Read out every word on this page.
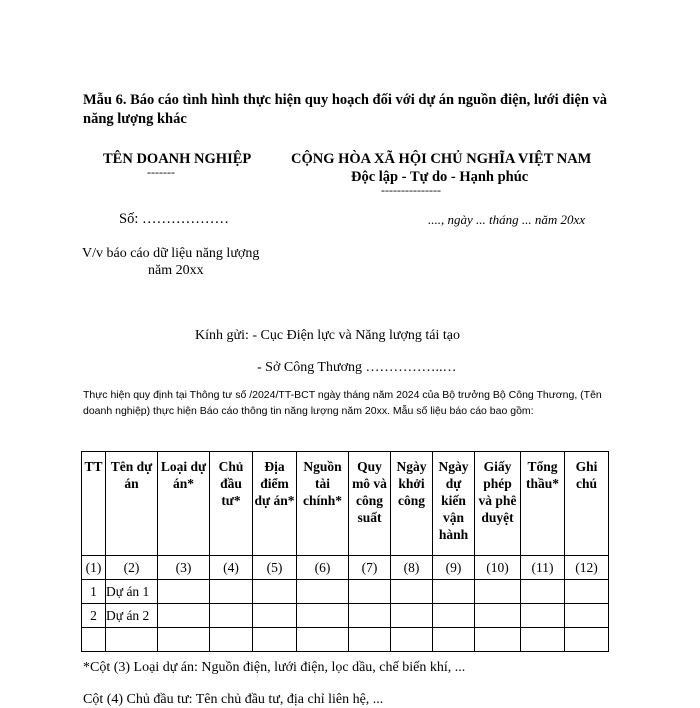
Mẫu 6. Báo cáo tình hình thực hiện quy hoạch đối với dự án nguồn điện, lưới điện và năng lượng khác
TÊN DOANH NGHIỆP
-------
CỘNG HÒA XÃ HỘI CHỦ NGHĨA VIỆT NAM
Độc lập - Tự do - Hạnh phúc
---------------
Số: ………………	...., ngày ... tháng ... năm 20xx
V/v báo cáo dữ liệu năng lượng
năm 20xx
Kính gửi: - Cục Điện lực và Năng lượng tái tạo
- Sở Công Thương ……………..…
Thực hiện quy định tại Thông tư số /2024/TT-BCT ngày tháng năm 2024 của Bộ trưởng Bộ Công Thương, (Tên doanh nghiệp) thực hiện Báo cáo thông tin năng lượng năm 20xx. Mẫu số liệu báo cáo bao gồm:
TT	Tên dự án	Loại dự án*	Chủ đầu tư*	Địa điểm dự án*	Nguồn tài chính*	Quy mô và công suất	Ngày khởi công	Ngày dự kiến vận hành	Giấy phép và phê duyệt	Tổng thầu*	Ghi chú
(1)	(2)	(3)	(4)	(5)	(6)	(7)	(8)	(9)	(10)	(11)	(12)
1	Dự án 1										
2	Dự án 2										

*Cột (3) Loại dự án: Nguồn điện, lưới điện, lọc dầu, chế biến khí, ...
Cột (4) Chủ đầu tư: Tên chủ đầu tư, địa chỉ liên hệ, ...
